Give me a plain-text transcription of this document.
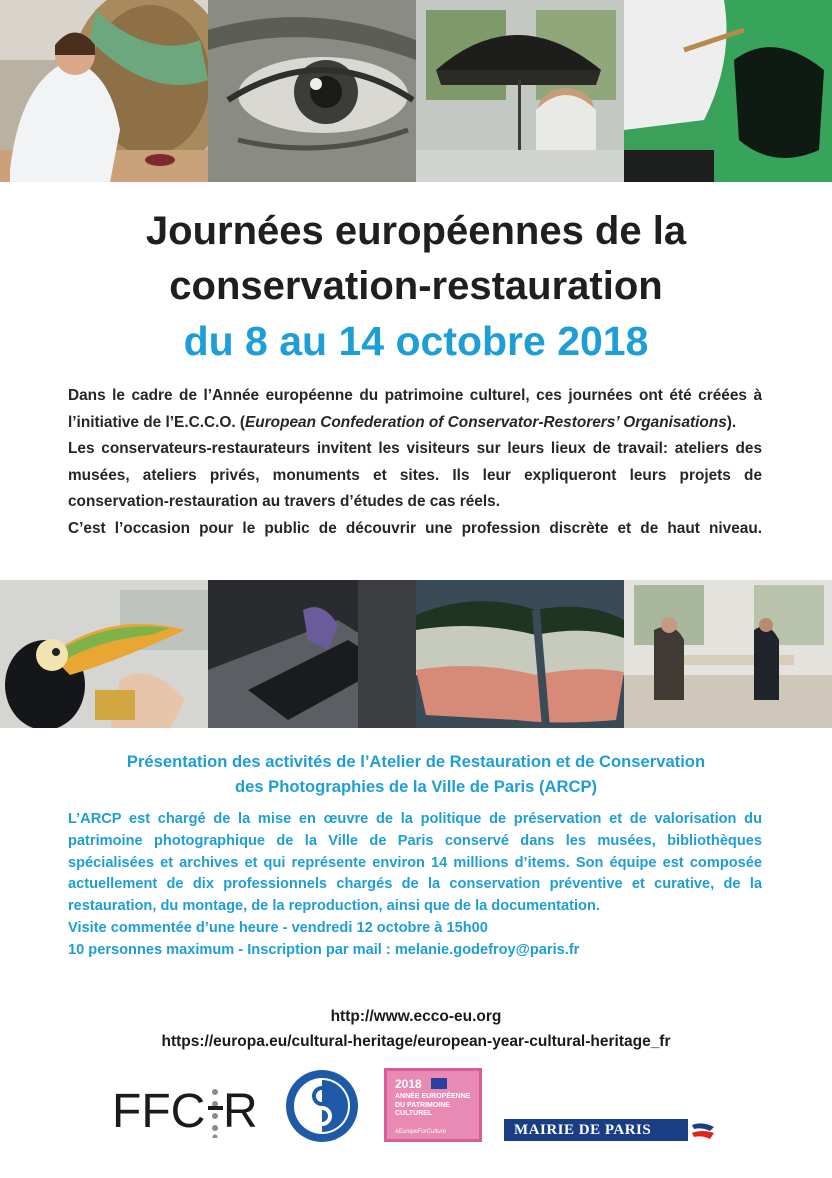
Journées européennes de la
conservation-restauration
du 8 au 14 octobre 2018

Dans le cadre de l’Année européenne du patrimoine culturel, ces journées ont été créées à l’initiative de l’E.C.C.O. (European Confederation of Conservator-Restorers’ Organisations).

Les conservateurs-restaurateurs invitent les visiteurs sur leurs lieux de travail: ateliers des musées, ateliers privés, monuments et sites. Ils leur expliqueront leurs projets de conservation-restauration au travers d’études de cas réels.

C’est l’occasion pour le public de découvrir une profession discrète et de haut niveau.

Présentation des activités de l’Atelier de Restauration et de Conservation
des Photographies de la Ville de Paris (ARCP)

L’ARCP est chargé de la mise en œuvre de la politique de préservation et de valorisation du patrimoine photographique de la Ville de Paris conservé dans les musées, bibliothèques spécialisées et archives et qui représente environ 14 millions d’items. Son équipe est composée actuellement de dix professionnels chargés de la conservation préventive et curative, de la restauration, du montage, de la reproduction, ainsi que de la documentation.

Visite commentée d’une heure - vendredi 12 octobre à 15h00
10 personnes maximum - Inscription par mail : melanie.godefroy@paris.fr
http://www.ecco-eu.org
https://europa.eu/cultural-heritage/european-year-cultural-heritage_fr
FFC R
2018
ANNÉE EUROPÉENNE DU PATRIMOINE CULTUREL
#EuropeForCulture	MAIRIE DE PARIS
